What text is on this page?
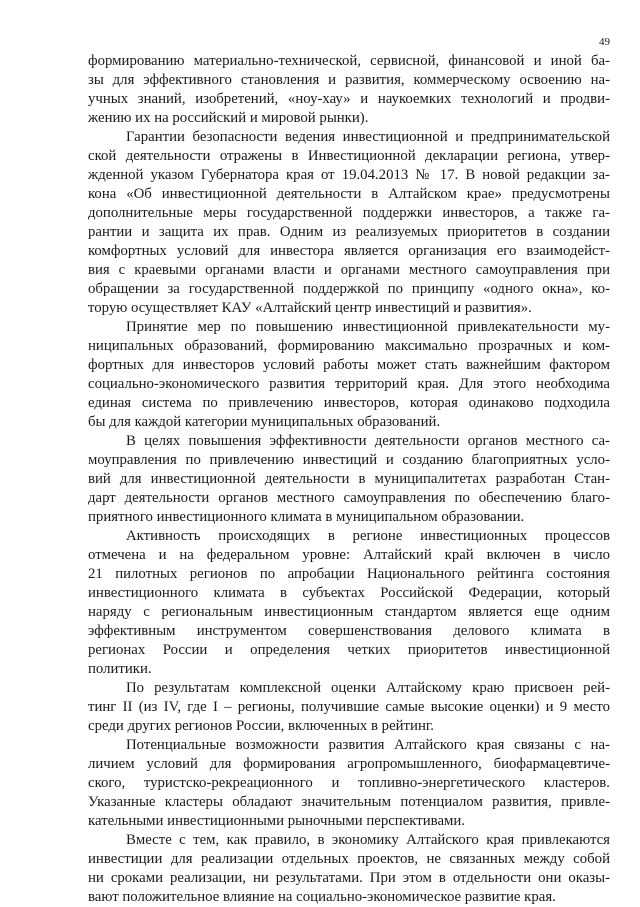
49
формированию материально-технической, сервисной, финансовой и иной ба-
зы для эффективного становления и развития, коммерческому освоению на-
учных знаний, изобретений, «ноу-хау» и наукоемких технологий и продви-
жению их на российский и мировой рынки).
Гарантии безопасности ведения инвестиционной и предпринимательской
ской деятельности отражены в Инвестиционной декларации региона, утвер-
жденной указом Губернатора края от 19.04.2013 № 17. В новой редакции за-
кона «Об инвестиционной деятельности в Алтайском крае» предусмотрены
дополнительные меры государственной поддержки инвесторов, а также га-
рантии и защита их прав. Одним из реализуемых приоритетов в создании
комфортных условий для инвестора является организация его взаимодейст-
вия с краевыми органами власти и органами местного самоуправления при
обращении за государственной поддержкой по принципу «одного окна», ко-
торую осуществляет КАУ «Алтайский центр инвестиций и развития».
Принятие мер по повышению инвестиционной привлекательности му-
ниципальных образований, формированию максимально прозрачных и ком-
фортных для инвесторов условий работы может стать важнейшим фактором
социально-экономического развития территорий края. Для этого необходима
единая система по привлечению инвесторов, которая одинаково подходила
бы для каждой категории муниципальных образований.
В целях повышения эффективности деятельности органов местного са-
моуправления по привлечению инвестиций и созданию благоприятных усло-
вий для инвестиционной деятельности в муниципалитетах разработан Стан-
дарт деятельности органов местного самоуправления по обеспечению благо-
приятного инвестиционного климата в муниципальном образовании.
Активность происходящих в регионе инвестиционных процессов
отмечена и на федеральном уровне: Алтайский край включен в число
21 пилотных регионов по апробации Национального рейтинга состояния
инвестиционного климата в субъектах Российской Федерации, который
наряду с региональным инвестиционным стандартом является еще одним
эффективным инструментом совершенствования делового климата в
регионах России и определения четких приоритетов инвестиционной
политики.
По результатам комплексной оценки Алтайскому краю присвоен рей-
тинг II (из IV, где I – регионы, получившие самые высокие оценки) и 9 место
среди других регионов России, включенных в рейтинг.
Потенциальные возможности развития Алтайского края связаны с на-
личием условий для формирования агропромышленного, биофармацевтиче-
ского, туристско-рекреационного и топливно-энергетического кластеров.
Указанные кластеры обладают значительным потенциалом развития, привле-
кательными инвестиционными рыночными перспективами.
Вместе с тем, как правило, в экономику Алтайского края привлекаются
инвестиции для реализации отдельных проектов, не связанных между собой
ни сроками реализации, ни результатами. При этом в отдельности они оказы-
вают положительное влияние на социально-экономическое развитие края.
